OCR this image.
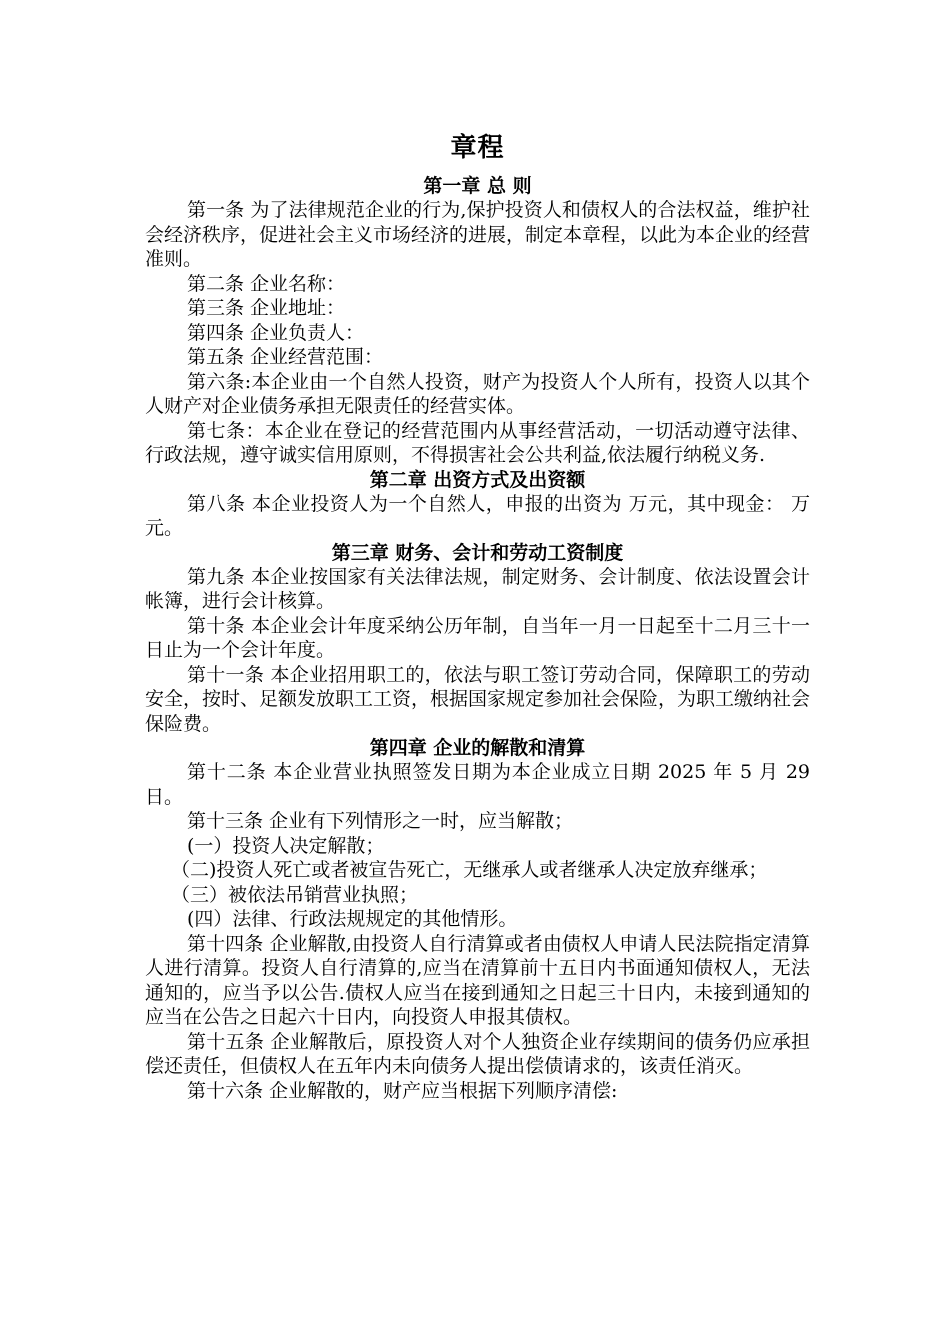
章程
第一章 总 则

第一条 为了法律规范企业的行为,保护投资人和债权人的合法权益，维护社会经济秩序，促进社会主义市场经济的进展，制定本章程，以此为本企业的经营准则。

第二条 企业名称：

第三条 企业地址：

第四条 企业负责人：

第五条 企业经营范围：

第六条:本企业由一个自然人投资，财产为投资人个人所有，投资人以其个人财产对企业债务承担无限责任的经营实体。

第七条：本企业在登记的经营范围内从事经营活动，一切活动遵守法律、行政法规，遵守诚实信用原则，不得损害社会公共利益,依法履行纳税义务.

第二章 出资方式及出资额

第八条 本企业投资人为一个自然人，申报的出资为 万元，其中现金： 万元。

第三章 财务、会计和劳动工资制度

第九条 本企业按国家有关法律法规，制定财务、会计制度、依法设置会计帐簿，进行会计核算。

第十条 本企业会计年度采纳公历年制，自当年一月一日起至十二月三十一日止为一个会计年度。

第十一条 本企业招用职工的，依法与职工签订劳动合同，保障职工的劳动安全，按时、足额发放职工工资，根据国家规定参加社会保险，为职工缴纳社会保险费。

第四章 企业的解散和清算

第十二条 本企业营业执照签发日期为本企业成立日期 2025 年 5 月 29 日。

第十三条 企业有下列情形之一时，应当解散；

(一）投资人决定解散；

（二)投资人死亡或者被宣告死亡，无继承人或者继承人决定放弃继承；

（三）被依法吊销营业执照；

(四）法律、行政法规规定的其他情形。

第十四条 企业解散,由投资人自行清算或者由债权人申请人民法院指定清算人进行清算。投资人自行清算的,应当在清算前十五日内书面通知债权人，无法通知的，应当予以公告.债权人应当在接到通知之日起三十日内，未接到通知的应当在公告之日起六十日内，向投资人申报其债权。

第十五条 企业解散后，原投资人对个人独资企业存续期间的债务仍应承担偿还责任，但债权人在五年内未向债务人提出偿债请求的，该责任消灭。

第十六条 企业解散的，财产应当根据下列顺序清偿:
